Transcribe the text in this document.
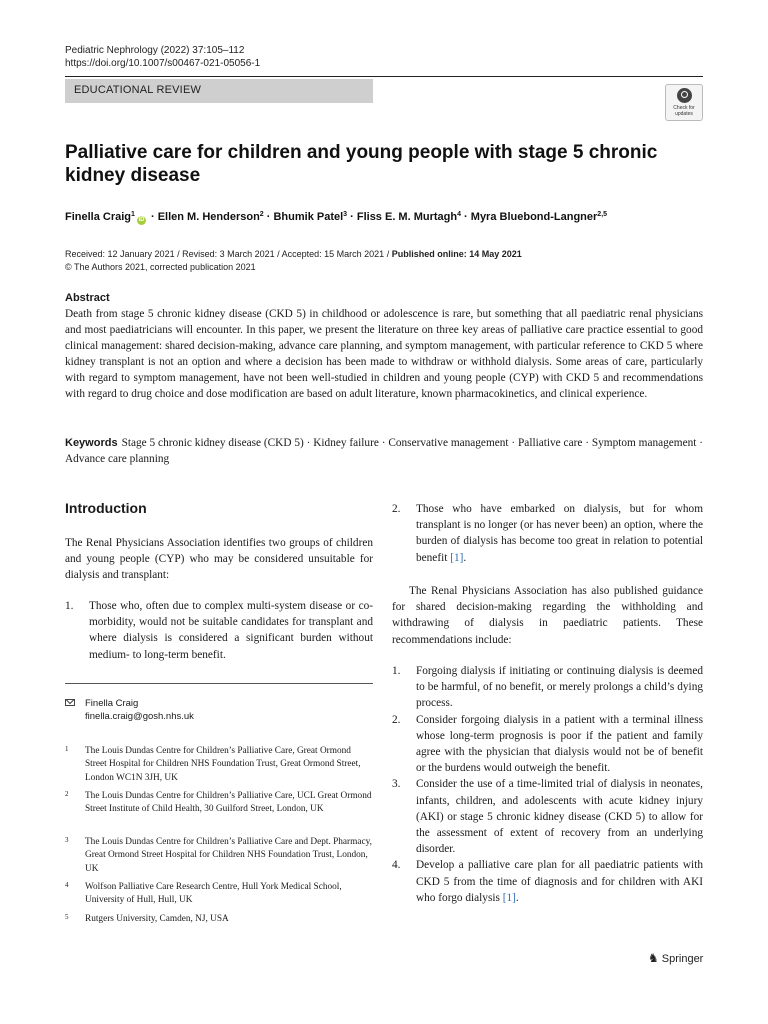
Pediatric Nephrology (2022) 37:105–112
https://doi.org/10.1007/s00467-021-05056-1
EDUCATIONAL REVIEW
Check for updates
Palliative care for children and young people with stage 5 chronic kidney disease
Finella Craig$^1$iD · Ellen M. Henderson$^2$ · Bhumik Patel$^3$ · Fliss E. M. Murtagh$^4$ · Myra Bluebond-Langner$^{2,5}$
Received: 12 January 2021 / Revised: 3 March 2021 / Accepted: 15 March 2021 / Published online: 14 May 2021
© The Authors 2021, corrected publication 2021
Abstract
Death from stage 5 chronic kidney disease (CKD 5) in childhood or adolescence is rare, but something that all paediatric renal physicians and most paediatricians will encounter. In this paper, we present the literature on three key areas of palliative care practice essential to good clinical management: shared decision-making, advance care planning, and symptom management, with particular reference to CKD 5 where kidney transplant is not an option and where a decision has been made to withdraw or withhold dialysis. Some areas of care, particularly with regard to symptom management, have not been well-studied in children and young people (CYP) with CKD 5 and recommendations with regard to drug choice and dose modification are based on adult literature, known pharmacokinetics, and clinical experience.
Keywords Stage 5 chronic kidney disease (CKD 5) · Kidney failure · Conservative management · Palliative care · Symptom management · Advance care planning
Introduction
The Renal Physicians Association identifies two groups of children and young people (CYP) who may be considered unsuitable for dialysis and transplant:
1. Those who, often due to complex multi-system disease or co-morbidity, would not be suitable candidates for transplant and where dialysis is considered a significant burden without medium- to long-term benefit.
Finella Craig
finella.craig@gosh.nhs.uk
1 The Louis Dundas Centre for Children’s Palliative Care, Great Ormond Street Hospital for Children NHS Foundation Trust, Great Ormond Street, London WC1N 3JH, UK
2 The Louis Dundas Centre for Children’s Palliative Care, UCL Great Ormond Street Institute of Child Health, 30 Guilford Street, London, UK
3 The Louis Dundas Centre for Children’s Palliative Care and Dept. Pharmacy, Great Ormond Street Hospital for Children NHS Foundation Trust, London, UK
4 Wolfson Palliative Care Research Centre, Hull York Medical School, University of Hull, Hull, UK
5 Rutgers University, Camden, NJ, USA
2. Those who have embarked on dialysis, but for whom transplant is no longer (or has never been) an option, where the burden of dialysis has become too great in relation to potential benefit [1].
The Renal Physicians Association has also published guidance for shared decision-making regarding the withholding and withdrawing of dialysis in paediatric patients. These recommendations include:
1. Forgoing dialysis if initiating or continuing dialysis is deemed to be harmful, of no benefit, or merely prolongs a child’s dying process.
2. Consider forgoing dialysis in a patient with a terminal illness whose long-term prognosis is poor if the patient and family agree with the physician that dialysis would not be of benefit or the burdens would outweigh the benefit.
3. Consider the use of a time-limited trial of dialysis in neonates, infants, children, and adolescents with acute kidney injury (AKI) or stage 5 chronic kidney disease (CKD 5) to allow for the assessment of extent of recovery from an underlying disorder.
4. Develop a palliative care plan for all paediatric patients with CKD 5 from the time of diagnosis and for children with AKI who forgo dialysis [1].
♞ Springer
